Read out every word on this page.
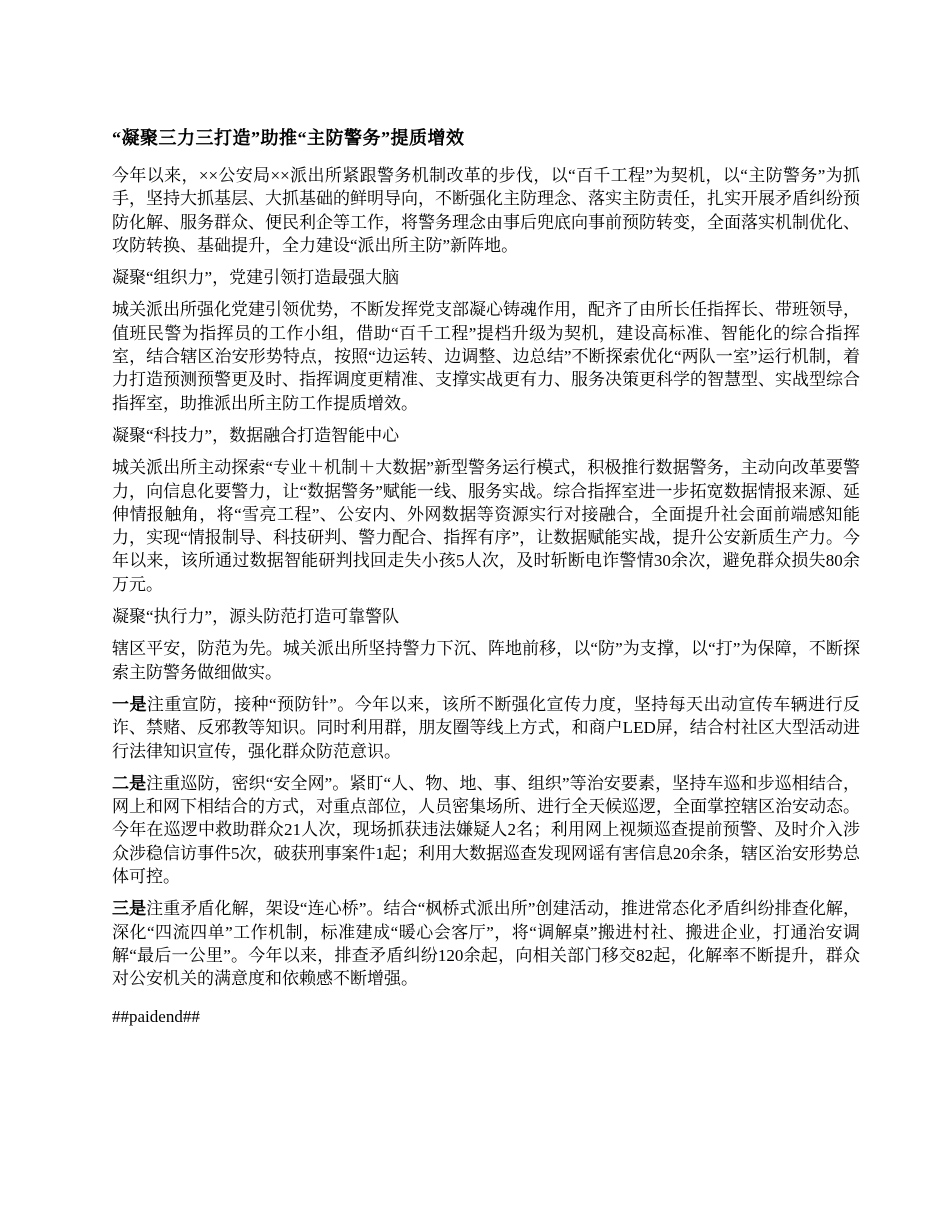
“凝聚三力三打造”助推“主防警务”提质增效

今年以来，××公安局××派出所紧跟警务机制改革的步伐，以“百千工程”为契机，以“主防警务”为抓手，坚持大抓基层、大抓基础的鲜明导向，不断强化主防理念、落实主防责任，扎实开展矛盾纠纷预防化解、服务群众、便民利企等工作，将警务理念由事后兜底向事前预防转变，全面落实机制优化、攻防转换、基础提升，全力建设“派出所主防”新阵地。

凝聚“组织力”，党建引领打造最强大脑

城关派出所强化党建引领优势，不断发挥党支部凝心铸魂作用，配齐了由所长任指挥长、带班领导，值班民警为指挥员的工作小组，借助“百千工程”提档升级为契机，建设高标准、智能化的综合指挥室，结合辖区治安形势特点，按照“边运转、边调整、边总结”不断探索优化“两队一室”运行机制，着力打造预测预警更及时、指挥调度更精准、支撑实战更有力、服务决策更科学的智慧型、实战型综合指挥室，助推派出所主防工作提质增效。

凝聚“科技力”，数据融合打造智能中心

城关派出所主动探索“专业＋机制＋大数据”新型警务运行模式，积极推行数据警务，主动向改革要警力，向信息化要警力，让“数据警务”赋能一线、服务实战。综合指挥室进一步拓宽数据情报来源、延伸情报触角，将“雪亮工程”、公安内、外网数据等资源实行对接融合，全面提升社会面前端感知能力，实现“情报制导、科技研判、警力配合、指挥有序”，让数据赋能实战，提升公安新质生产力。今年以来，该所通过数据智能研判找回走失小孩5人次，及时斩断电诈警情30余次，避免群众损失80余万元。

凝聚“执行力”，源头防范打造可靠警队

辖区平安，防范为先。城关派出所坚持警力下沉、阵地前移，以“防”为支撑，以“打”为保障，不断探索主防警务做细做实。

一是注重宣防，接种“预防针”。今年以来，该所不断强化宣传力度，坚持每天出动宣传车辆进行反诈、禁赌、反邪教等知识。同时利用群，朋友圈等线上方式，和商户LED屏，结合村社区大型活动进行法律知识宣传，强化群众防范意识。

二是注重巡防，密织“安全网”。紧盯“人、物、地、事、组织”等治安要素，坚持车巡和步巡相结合，网上和网下相结合的方式，对重点部位，人员密集场所、进行全天候巡逻，全面掌控辖区治安动态。今年在巡逻中救助群众21人次，现场抓获违法嫌疑人2名；利用网上视频巡查提前预警、及时介入涉众涉稳信访事件5次，破获刑事案件1起；利用大数据巡查发现网谣有害信息20余条，辖区治安形势总体可控。

三是注重矛盾化解，架设“连心桥”。结合“枫桥式派出所”创建活动，推进常态化矛盾纠纷排查化解，深化“四流四单”工作机制，标准建成“暖心会客厅”，将“调解桌”搬进村社、搬进企业，打通治安调解“最后一公里”。今年以来，排查矛盾纠纷120余起，向相关部门移交82起，化解率不断提升，群众对公安机关的满意度和依赖感不断增强。

##paidend##
